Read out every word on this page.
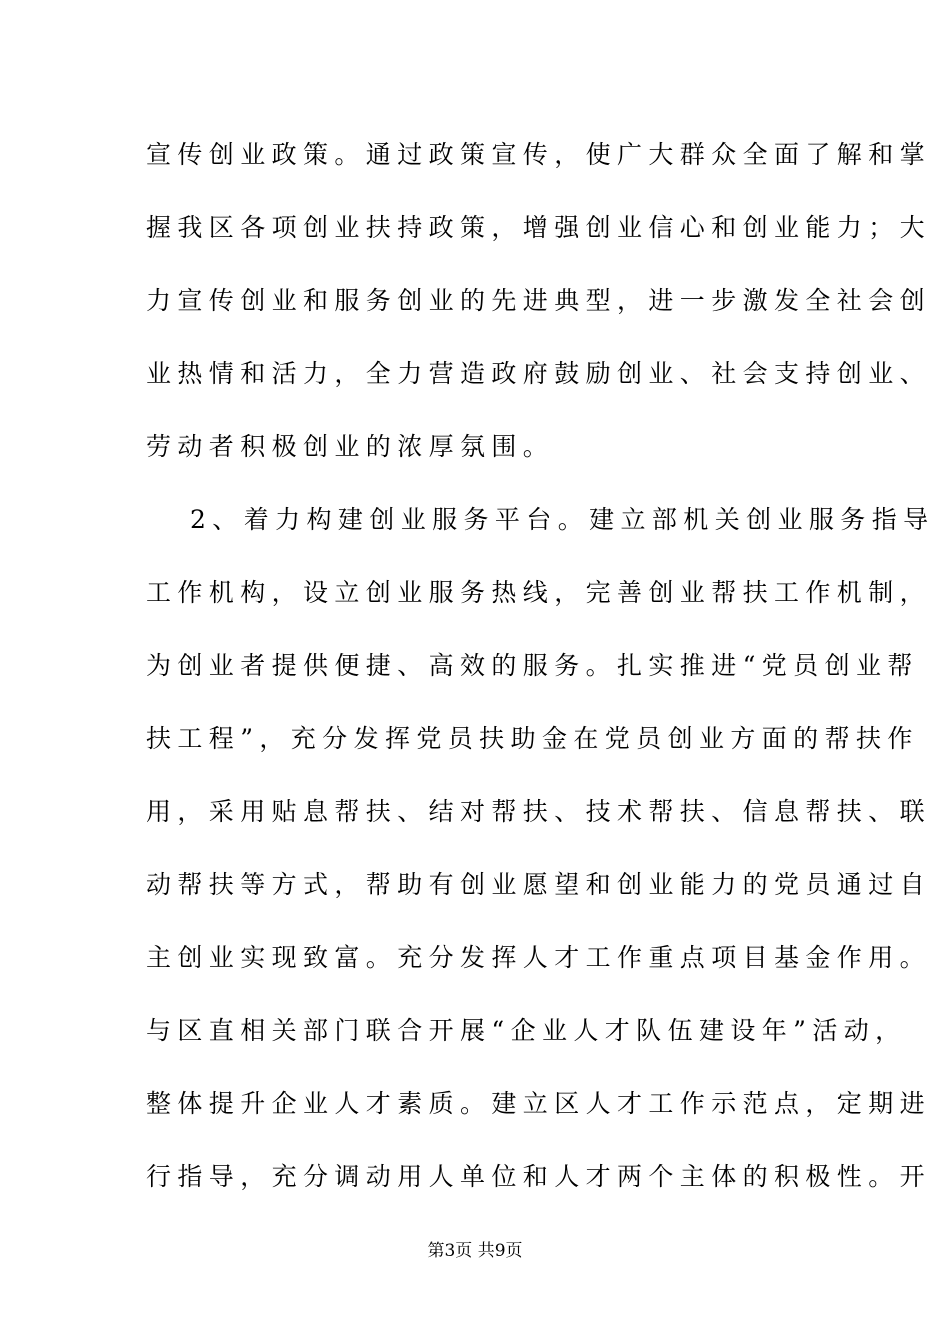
宣传创业政策。通过政策宣传，使广大群众全面了解和掌
握我区各项创业扶持政策，增强创业信心和创业能力；大
力宣传创业和服务创业的先进典型，进一步激发全社会创
业热情和活力，全力营造政府鼓励创业、社会支持创业、
劳动者积极创业的浓厚氛围。
2、着力构建创业服务平台。建立部机关创业服务指导
工作机构，设立创业服务热线，完善创业帮扶工作机制，
为创业者提供便捷、高效的服务。扎实推进“党员创业帮
扶工程”，充分发挥党员扶助金在党员创业方面的帮扶作
用，采用贴息帮扶、结对帮扶、技术帮扶、信息帮扶、联
动帮扶等方式，帮助有创业愿望和创业能力的党员通过自
主创业实现致富。充分发挥人才工作重点项目基金作用。
与区直相关部门联合开展“企业人才队伍建设年”活动，
整体提升企业人才素质。建立区人才工作示范点，定期进
行指导，充分调动用人单位和人才两个主体的积极性。开
第3页 共9页
